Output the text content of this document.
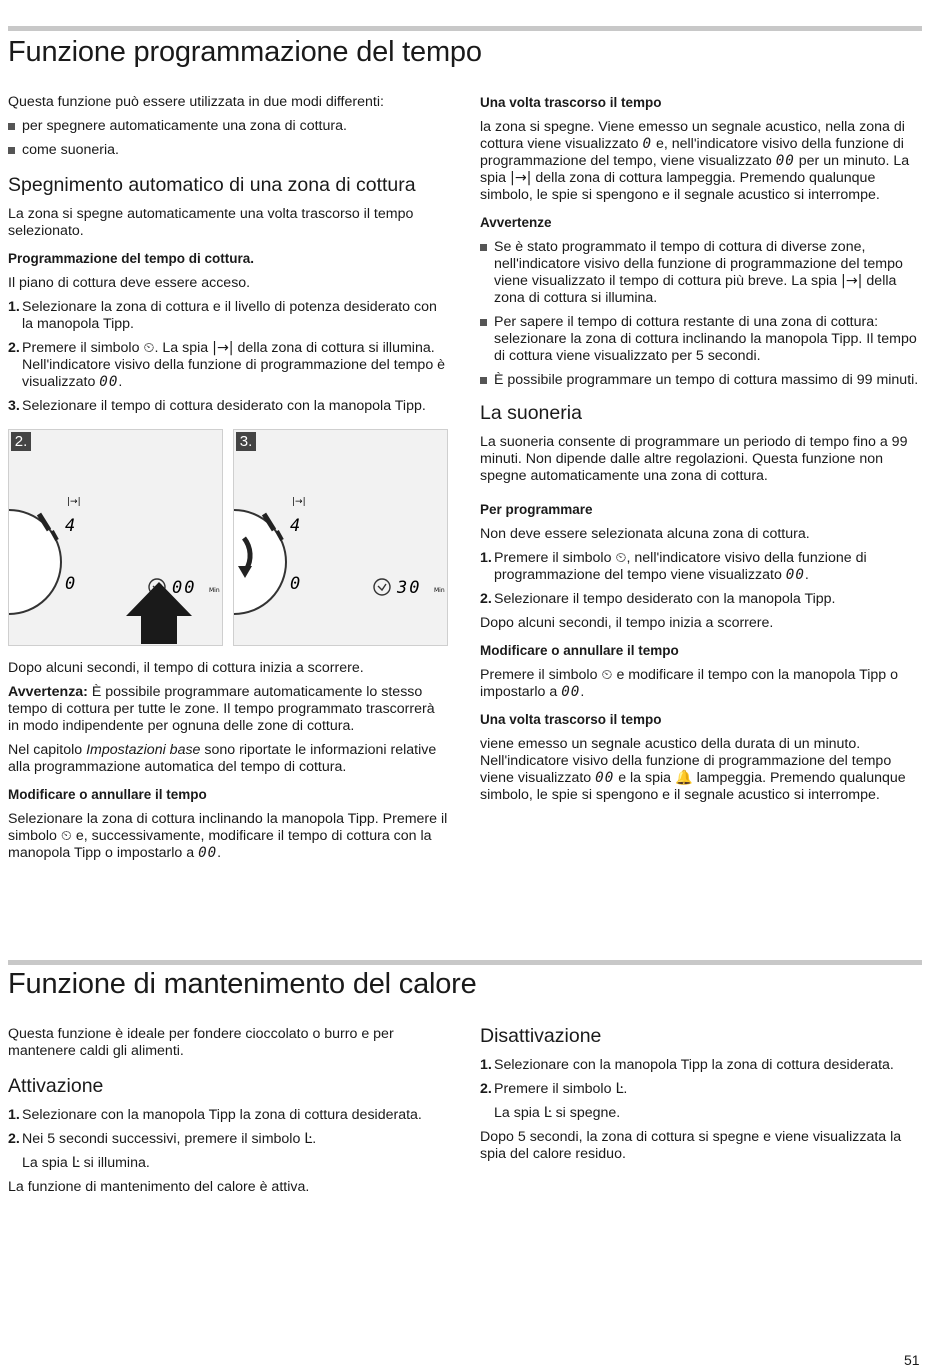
Funzione programmazione del tempo

Questa funzione può essere utilizzata in due modi differenti:

per spegnere automaticamente una zona di cottura.
come suoneria.
Spegnimento automatico di una zona di cottura

La zona si spegne automaticamente una volta trascorso il tempo selezionato.

Programmazione del tempo di cottura.

Il piano di cottura deve essere acceso.

1. Selezionare la zona di cottura e il livello di potenza desiderato con la manopola Tipp.
2. Premere il simbolo ⏲. La spia |→| della zona di cottura si illumina. Nell'indicatore visivo della funzione di programmazione del tempo è visualizzato 00.
3. Selezionare il tempo di cottura desiderato con la manopola Tipp.
4
|→|
0	00 Min
2.
4
|→|
0	30 Min
3.

Dopo alcuni secondi, il tempo di cottura inizia a scorrere.

Avvertenza: È possibile programmare automaticamente lo stesso tempo di cottura per tutte le zone. Il tempo programmato trascorrerà in modo indipendente per ognuna delle zone di cottura.

Nel capitolo Impostazioni base sono riportate le informazioni relative alla programmazione automatica del tempo di cottura.

Modificare o annullare il tempo

Selezionare la zona di cottura inclinando la manopola Tipp. Premere il simbolo ⏲ e, successivamente, modificare il tempo di cottura con la manopola Tipp o impostarlo a 00.

Una volta trascorso il tempo

la zona si spegne. Viene emesso un segnale acustico, nella zona di cottura viene visualizzato 0 e, nell'indicatore visivo della funzione di programmazione del tempo, viene visualizzato 00 per un minuto. La spia |→| della zona di cottura lampeggia. Premendo qualunque simbolo, le spie si spengono e il segnale acustico si interrompe.

Avvertenze
Se è stato programmato il tempo di cottura di diverse zone, nell'indicatore visivo della funzione di programmazione del tempo viene visualizzato il tempo di cottura più breve. La spia |→| della zona di cottura si illumina.
Per sapere il tempo di cottura restante di una zona di cottura: selezionare la zona di cottura inclinando la manopola Tipp. Il tempo di cottura viene visualizzato per 5 secondi.
È possibile programmare un tempo di cottura massimo di 99 minuti.
La suoneria

La suoneria consente di programmare un periodo di tempo fino a 99 minuti. Non dipende dalle altre regolazioni. Questa funzione non spegne automaticamente una zona di cottura.

Per programmare

Non deve essere selezionata alcuna zona di cottura.

1. Premere il simbolo ⏲, nell'indicatore visivo della funzione di programmazione del tempo viene visualizzato 00.
2. Selezionare il tempo desiderato con la manopola Tipp.

Dopo alcuni secondi, il tempo inizia a scorrere.

Modificare o annullare il tempo

Premere il simbolo ⏲ e modificare il tempo con la manopola Tipp o impostarlo a 00.

Una volta trascorso il tempo

viene emesso un segnale acustico della durata di un minuto. Nell'indicatore visivo della funzione di programmazione del tempo viene visualizzato 00 e la spia 🔔 lampeggia. Premendo qualunque simbolo, le spie si spengono e il segnale acustico si interrompe.

Funzione di mantenimento del calore

Questa funzione è ideale per fondere cioccolato o burro e per mantenere caldi gli alimenti.

Attivazione
1. Selezionare con la manopola Tipp la zona di cottura desiderata.
2. Nei 5 secondi successivi, premere il simbolo Ŀ.

La spia Ŀ si illumina.

La funzione di mantenimento del calore è attiva.

Disattivazione
1. Selezionare con la manopola Tipp la zona di cottura desiderata.
2. Premere il simbolo Ŀ.

La spia Ŀ si spegne.

Dopo 5 secondi, la zona di cottura si spegne e viene visualizzata la spia del calore residuo.

51
